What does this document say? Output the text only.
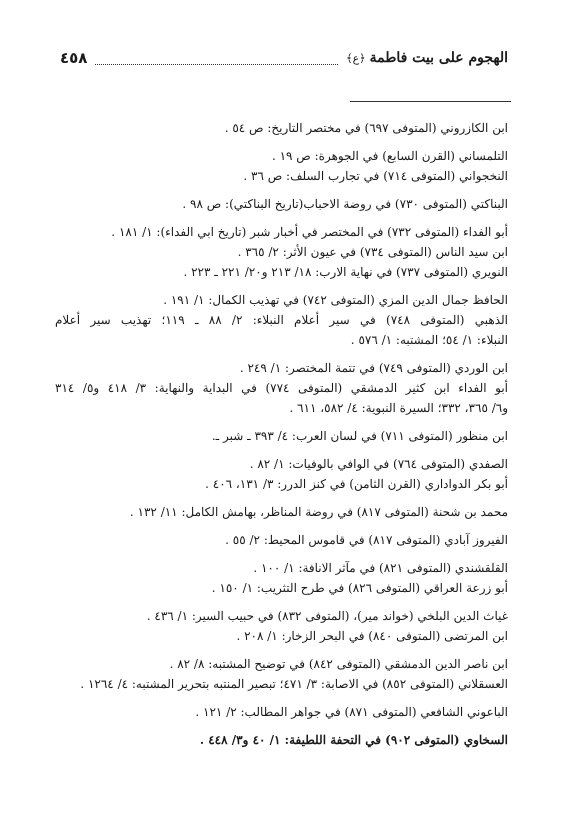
الهجوم على بيت فاطمة
﴿ع﴾
٤٥٨
ابن الكازروني (المتوفى ٦٩٧) في مختصر التاريخ: ص ٥٤ .
التلمساني (القرن السابع) في الجوهرة: ص ١٩ .
النخجواني (المتوفى ٧١٤) في تجارب السلف: ص ٣٦ .
البناكتي (المتوفى ٧٣٠) في روضة الاحباب(تاريخ البناكتي): ص ٩٨ .
أبو الفداء (المتوفى ٧٣٢) في المختصر في أخبار شبر (تاريخ ابي الفداء): ١/ ١٨١ .
ابن سيد الناس (المتوفى ٧٣٤) في عيون الأثر: ٢/ ٣٦٥ .
النويري (المتوفى ٧٣٧) في نهاية الارب: ١٨/ ٢١٣ و٢٠/ ٢٢١ ـ ٢٢٣ .
الحافظ جمال الدين المزي (المتوفى ٧٤٢) في تهذيب الكمال: ١/ ١٩١ .
الذهبي (المتوفى ٧٤٨) في سير أعلام النبلاء: ٢/ ٨٨ ـ ١١٩؛ تهذيب سير أعلام
النبلاء: ١/ ٥٤؛ المشتبه: ١/ ٥٧٦ .
ابن الوردي (المتوفى ٧٤٩) في تتمة المختصر: ١/ ٢٤٩ .
أبو الفداء ابن كثير الدمشقي (المتوفى ٧٧٤) في البداية والنهاية: ٣/ ٤١٨ و٥/ ٣١٤
و٦/ ٣٦٥، ٣٣٢؛ السيرة النبوية: ٤/ ٥٨٢، ٦١١ .
ابن منظور (المتوفى ٧١١) في لسان العرب: ٤/ ٣٩٣ ـ شبر ـ.
الصفدي (المتوفى ٧٦٤) في الوافي بالوفيات: ١/ ٨٢ .
أبو بكر الدواداري (القرن الثامن) في كنز الدرر: ٣/ ١٣١، ٤٠٦ .
محمد بن شحنة (المتوفى ٨١٧) في روضة المناظر، بهامش الكامل: ١١/ ١٣٢ .
الفيروز آبادي (المتوفى ٨١٧) في قاموس المحيط: ٢/ ٥٥ .
القلقشندي (المتوفى ٨٢١) في مآثر الانافة: ١/ ١٠٠ .
أبو زرعة العراقي (المتوفى ٨٢٦) في طرح التثريب: ١/ ١٥٠ .
غياث الدين البلخي (خواند مير)، (المتوفى ٨٣٢) في حبيب السير: ١/ ٤٣٦ .
ابن المرتضى (المتوفى ٨٤٠) في البحر الزخار: ١/ ٢٠٨ .
ابن ناصر الدين الدمشقي (المتوفى ٨٤٢) في توضيح المشتبه: ٨/ ٨٢ .
العسقلاني (المتوفى ٨٥٢) في الاصابة: ٣/ ٤٧١؛ تبصير المنتبه بتحرير المشتبه: ٤/ ١٢٦٤ .
الباعوني الشافعي (المتوفى ٨٧١) في جواهر المطالب: ٢/ ١٢١ .
السخاوي (المتوفى ٩٠٢) في التحفة اللطيفة: ١/ ٤٠ و٣/ ٤٤٨ .
